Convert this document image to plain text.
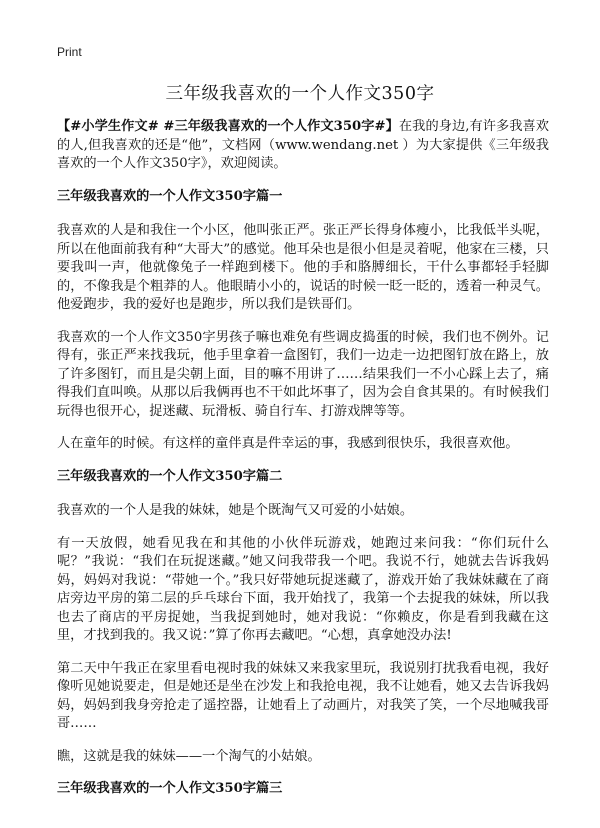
Print
三年级我喜欢的一个人作文350字

【#小学生作文# #三年级我喜欢的一个人作文350字#】在我的身边,有许多我喜欢的人,但我喜欢的还是“他”，文档网（www.wendang.net ）为大家提供《三年级我喜欢的一个人作文350字》，欢迎阅读。

三年级我喜欢的一个人作文350字篇一

我喜欢的人是和我住一个小区，他叫张正严。张正严长得身体瘦小，比我低半头呢，所以在他面前我有种“大哥大”的感觉。他耳朵也是很小但是灵着呢，他家在三楼，只要我叫一声，他就像兔子一样跑到楼下。他的手和胳膊细长，干什么事都轻手轻脚的，不像我是个粗莽的人。他眼睛小小的，说话的时候一眨一眨的，透着一种灵气。他爱跑步，我的爱好也是跑步，所以我们是铁哥们。

我喜欢的一个人作文350字男孩子嘛也难免有些调皮捣蛋的时候，我们也不例外。记得有，张正严来找我玩，他手里拿着一盒图钉，我们一边走一边把图钉放在路上，放了许多图钉，而且是尖朝上面，目的嘛不用讲了……结果我们一不小心踩上去了，痛得我们直叫唤。从那以后我俩再也不干如此坏事了，因为会自食其果的。有时候我们玩得也很开心，捉迷藏、玩滑板、骑自行车、打游戏牌等等。

人在童年的时候。有这样的童伴真是件幸运的事，我感到很快乐，我很喜欢他。

三年级我喜欢的一个人作文350字篇二

我喜欢的一个人是我的妹妹，她是个既淘气又可爱的小姑娘。

有一天放假，她看见我在和其他的小伙伴玩游戏，她跑过来问我：“你们玩什么呢？”我说：“我们在玩捉迷藏。”她又问我带我一个吧。我说不行，她就去告诉我妈妈，妈妈对我说：“带她一个。”我只好带她玩捉迷藏了，游戏开始了我妹妹藏在了商店旁边平房的第二层的乒乓球台下面，我开始找了，我第一个去捉我的妹妹，所以我也去了商店的平房捉她，当我捉到她时，她对我说：“你赖皮，你是看到我藏在这里，才找到我的。我又说：”算了你再去藏吧。“心想，真拿她没办法!

第二天中午我正在家里看电视时我的妹妹又来我家里玩，我说别打扰我看电视，我好像听见她说要走，但是她还是坐在沙发上和我抢电视，我不让她看，她又去告诉我妈妈，妈妈到我身旁抢走了遥控器，让她看上了动画片，对我笑了笑，一个尽地喊我哥哥……

瞧，这就是我的妹妹——一个淘气的小姑娘。

三年级我喜欢的一个人作文350字篇三
